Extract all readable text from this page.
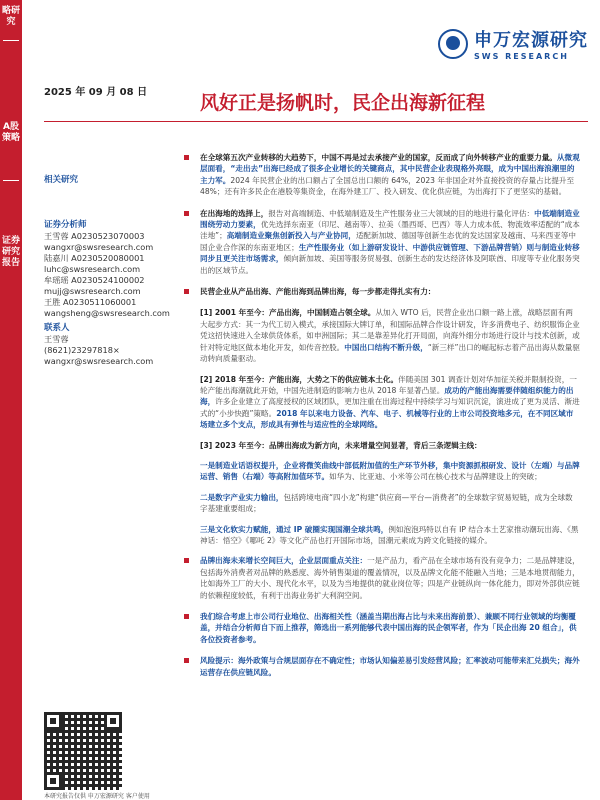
略研究
A股策略
证券研究报告
申万宏源研究
SWS RESEARCH
2025 年 09 月 08 日	风好正是扬帆时，民企出海新征程
相关研究
证券分析师
王雪蓉 A0230523070003
wangxr@swsresearch.com
陆嘉川 A0230520080001
luhc@swsresearch.com
牟瑶瑶 A0230524100002
mujj@swsresearch.com
王胜 A0230511060001
wangsheng@swsresearch.com
联系人
王雪蓉
(8621)23297818×
wangxr@swsresearch.com
本研究报告仅供 申万宏源研究 客户使用
在全球第五次产业转移的大趋势下，中国不再是过去承接产业的国家，反而成了向外转移产业的重要力量。从微观层面看，“走出去”出海已经成了很多企业增长的关键商点，其中民营企业表现格外亮眼，成为中国出海浪潮里的主力军。2024 年民营企业的出口额占了全国总出口额的 64%，2023 年非国企对外直接投资的存量占比提升至 48%；还有许多民企在港股等集资金，在海外建工厂、投入研发、优化供应链，为出海打下了更坚实的基础。
在出海地的选择上，报告对高端制造、中低端制造及生产性服务业三大领域的目的地进行量化评估：中低端制造业围绕劳动力要素，优先选择东南亚（印尼、越南等）、拉美（墨西哥、巴西）等人力成本低、物流效率适配的“成本洼地”；高端制造业聚焦创新投入与产业协同，适配新加坡、德国等创新生态优的发达国家及越南、马来西亚等中国企业合作深的东南亚地区；生产性服务业（如上游研发设计、中游供应链管理、下游品牌营销）则与制造业转移同步且更关注市场需求，倾向新加坡、美国等服务贸易强、创新生态的发达经济体及阿联酋、印度等专业化服务突出的区域节点。
民营企业从产品出海、产能出海到品牌出海，每一步都走得扎实有力：
[1] 2001 年至今：产品出海，中国制造占领全球。从加入 WTO 后，民营企业出口额一路上涨，战略层面有两大起步方式：其一为代工切入模式，承接国际大牌订单，和国际品牌合作设计研发，许多消费电子、纺织服饰企业凭这招快速进入全球供货体系，如申洲国际；其二是靠差异化打开局面，向海外细分市场进行设计与技术创新，或针对特定地区做本地化开发，如传音控股。中国出口结构不断升级，“新三样”出口的崛起标志着产品出海从数量驱动转向质量驱动。
[2] 2018 年至今：产能出海，大势之下的供应链本土化。伴随美国 301 调查计划对华加征关税并限制投资，一轮产能出海潮就此开始，中国先进制造的影响力也从 2018 年显著凸显。成功的产能出海需要伴随组织能力的出海，许多企业建立了高度授权的区域团队，更加注重在出海过程中持续学习与知识沉淀，演进成了更为灵活、渐进式的“小步快跑”策略。2018 年以来电力设备、汽车、电子、机械等行业的上市公司投资地多元，在不同区域市场建立多个支点，形成具有弹性与适应性的全球网络。
[3] 2023 年至今：品牌出海成为新方向，未来增量空间显著，背后三条逻辑主线：
一是制造业话语权提升，企业将微笑曲线中部低附加值的生产环节外移，集中资源抓根研发、设计（左端）与品牌运营、销售（右端）等高附加值环节。如华为、比亚迪、小米等公司在核心技术与品牌建设上的突破；
二是数字产业实力输出，包括跨境电商“四小龙”构建“供应商—平台—消费者”的全球数字贸易短链，成为全球数字基建重要组成；
三是文化软实力赋能，通过 IP 破圈实现国潮全球共鸣，例如泡泡玛特以自有 IP 结合本土艺家推动潮玩出海、《黑神话：悟空》《哪吒 2》等文化产品也打开国际市场，国潮元素成为跨文化链接的媒介。
品牌出海未来增长空间巨大，企业层面重点关注：一是产品力，看产品在全球市场有没有竞争力；二是品牌建设，包括海外消费者对品牌的熟悉度、海外销售渠道的覆盖情况，以及品牌文化能不能融入当地；三是本地贯彻能力，比如海外工厂的大小、现代化水平，以及为当地提供的就业岗位等；四是产业链纵向一体化能力，即对外部供应链的依赖程度较低，有利于出海业务扩大利润空间。
我们综合考虑上市公司行业地位、出海相关性（涵盖当期出海占比与未来出海前景）、兼顾不同行业领域的均衡覆盖，并结合分析师自下而上推荐，筛选出一系列能够代表中国出海的民企领军者，作为「民企出海 20 组合」，供各位投资者参考。
风险提示：海外政策与合规层面存在不确定性；市场认知偏差易引发经营风险；汇率波动可能带来汇兑损失；海外运营存在供应链风险。
